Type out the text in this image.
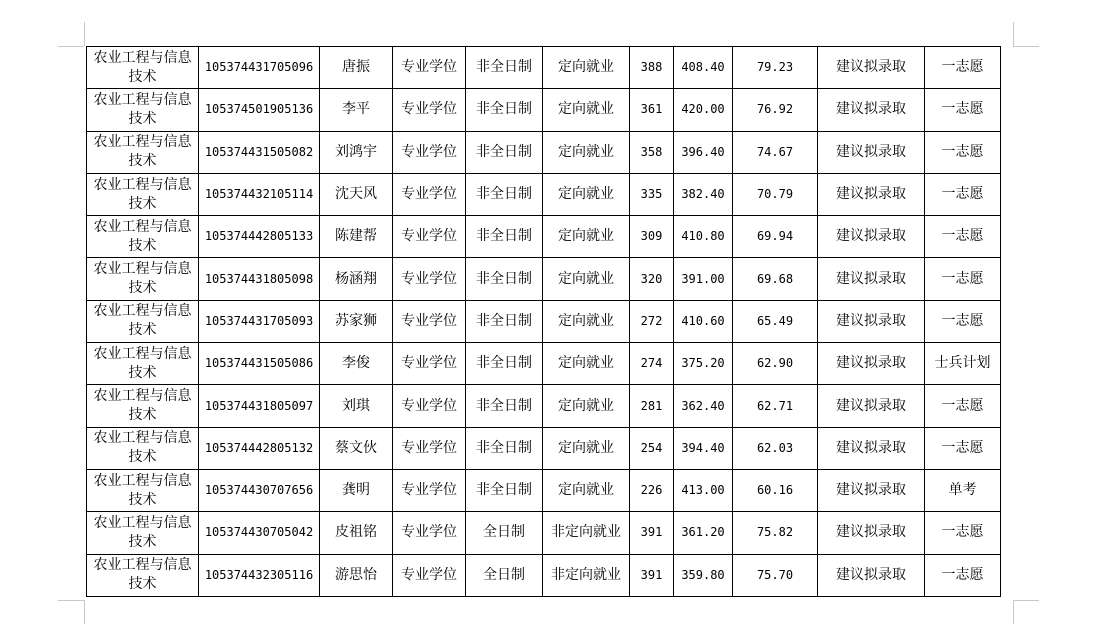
农业工程与信息技术	105374431705096	唐振	专业学位	非全日制	定向就业	388	408.40	79.23	建议拟录取	一志愿
农业工程与信息技术	105374501905136	李平	专业学位	非全日制	定向就业	361	420.00	76.92	建议拟录取	一志愿
农业工程与信息技术	105374431505082	刘鸿宇	专业学位	非全日制	定向就业	358	396.40	74.67	建议拟录取	一志愿
农业工程与信息技术	105374432105114	沈天风	专业学位	非全日制	定向就业	335	382.40	70.79	建议拟录取	一志愿
农业工程与信息技术	105374442805133	陈建帮	专业学位	非全日制	定向就业	309	410.80	69.94	建议拟录取	一志愿
农业工程与信息技术	105374431805098	杨涵翔	专业学位	非全日制	定向就业	320	391.00	69.68	建议拟录取	一志愿
农业工程与信息技术	105374431705093	苏家狮	专业学位	非全日制	定向就业	272	410.60	65.49	建议拟录取	一志愿
农业工程与信息技术	105374431505086	李俊	专业学位	非全日制	定向就业	274	375.20	62.90	建议拟录取	士兵计划
农业工程与信息技术	105374431805097	刘琪	专业学位	非全日制	定向就业	281	362.40	62.71	建议拟录取	一志愿
农业工程与信息技术	105374442805132	蔡文伙	专业学位	非全日制	定向就业	254	394.40	62.03	建议拟录取	一志愿
农业工程与信息技术	105374430707656	龚明	专业学位	非全日制	定向就业	226	413.00	60.16	建议拟录取	单考
农业工程与信息技术	105374430705042	皮祖铭	专业学位	全日制	非定向就业	391	361.20	75.82	建议拟录取	一志愿
农业工程与信息技术	105374432305116	游思怡	专业学位	全日制	非定向就业	391	359.80	75.70	建议拟录取	一志愿
